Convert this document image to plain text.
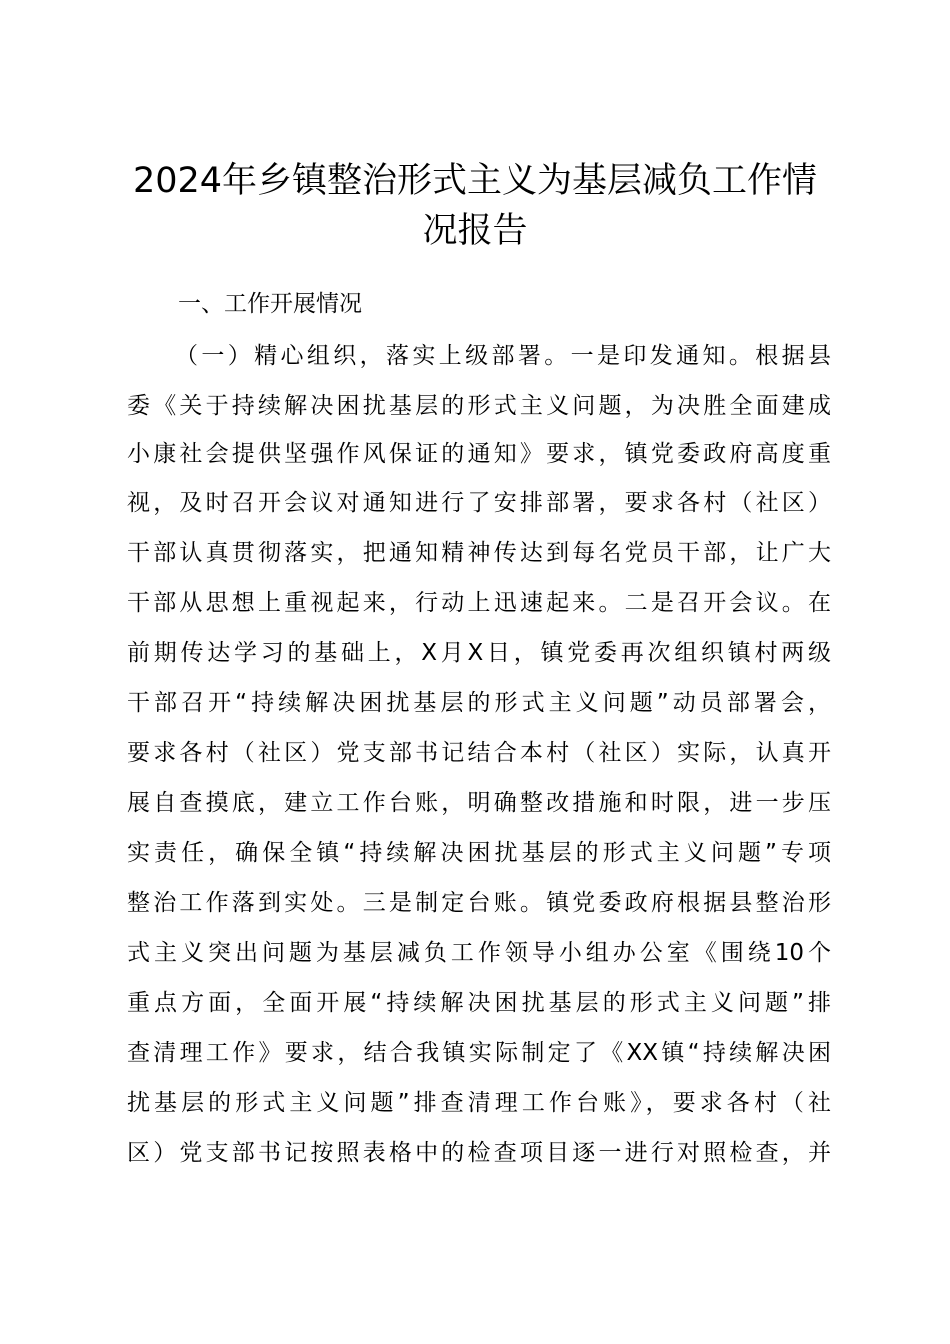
2024年乡镇整治形式主义为基层减负工作情
况报告

一、工作开展情况

（一）精心组织，落实上级部署。一是印发通知。根据县

委《关于持续解决困扰基层的形式主义问题，为决胜全面建成

小康社会提供坚强作风保证的通知》要求，镇党委政府高度重

视，及时召开会议对通知进行了安排部署，要求各村（社区）

干部认真贯彻落实，把通知精神传达到每名党员干部，让广大

干部从思想上重视起来，行动上迅速起来。二是召开会议。在

前期传达学习的基础上，X月X日，镇党委再次组织镇村两级

干部召开“持续解决困扰基层的形式主义问题”动员部署会，

要求各村（社区）党支部书记结合本村（社区）实际，认真开

展自查摸底，建立工作台账，明确整改措施和时限，进一步压

实责任，确保全镇“持续解决困扰基层的形式主义问题”专项

整治工作落到实处。三是制定台账。镇党委政府根据县整治形

式主义突出问题为基层减负工作领导小组办公室《围绕10个

重点方面，全面开展“持续解决困扰基层的形式主义问题”排

查清理工作》要求，结合我镇实际制定了《XX镇“持续解决困

扰基层的形式主义问题”排查清理工作台账》，要求各村（社

区）党支部书记按照表格中的检查项目逐一进行对照检查，并
